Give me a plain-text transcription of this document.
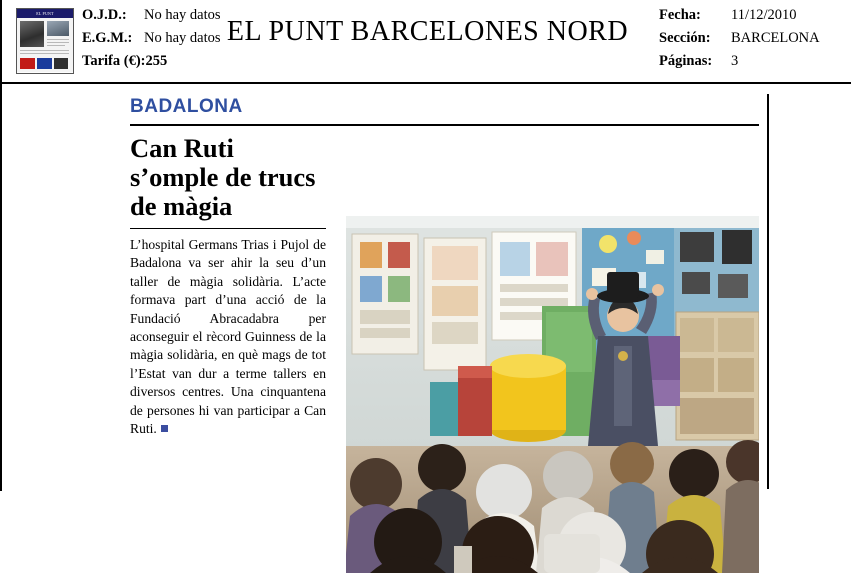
EL PUNT	O.J.D.:	No hay datos
E.G.M.: No hay datos
Tarifa (€): 255
EL PUNT BARCELONES NORD
Fecha:	11/12/2010
Sección:	BARCELONA
Páginas:	3
BADALONA
Can Ruti s’omple de trucs de màgia
L’hospital Germans Trias i Pujol de Badalona va ser ahir la seu d’un taller de màgia solidària. L’acte formava part d’una acció de la Fundació Abracadabra per aconseguir el rècord Guinness de la màgia solidària, en què mags de tot l’Estat van dur a terme tallers en diversos centres. Una cinquantena de persones hi van participar a Can Ruti.
